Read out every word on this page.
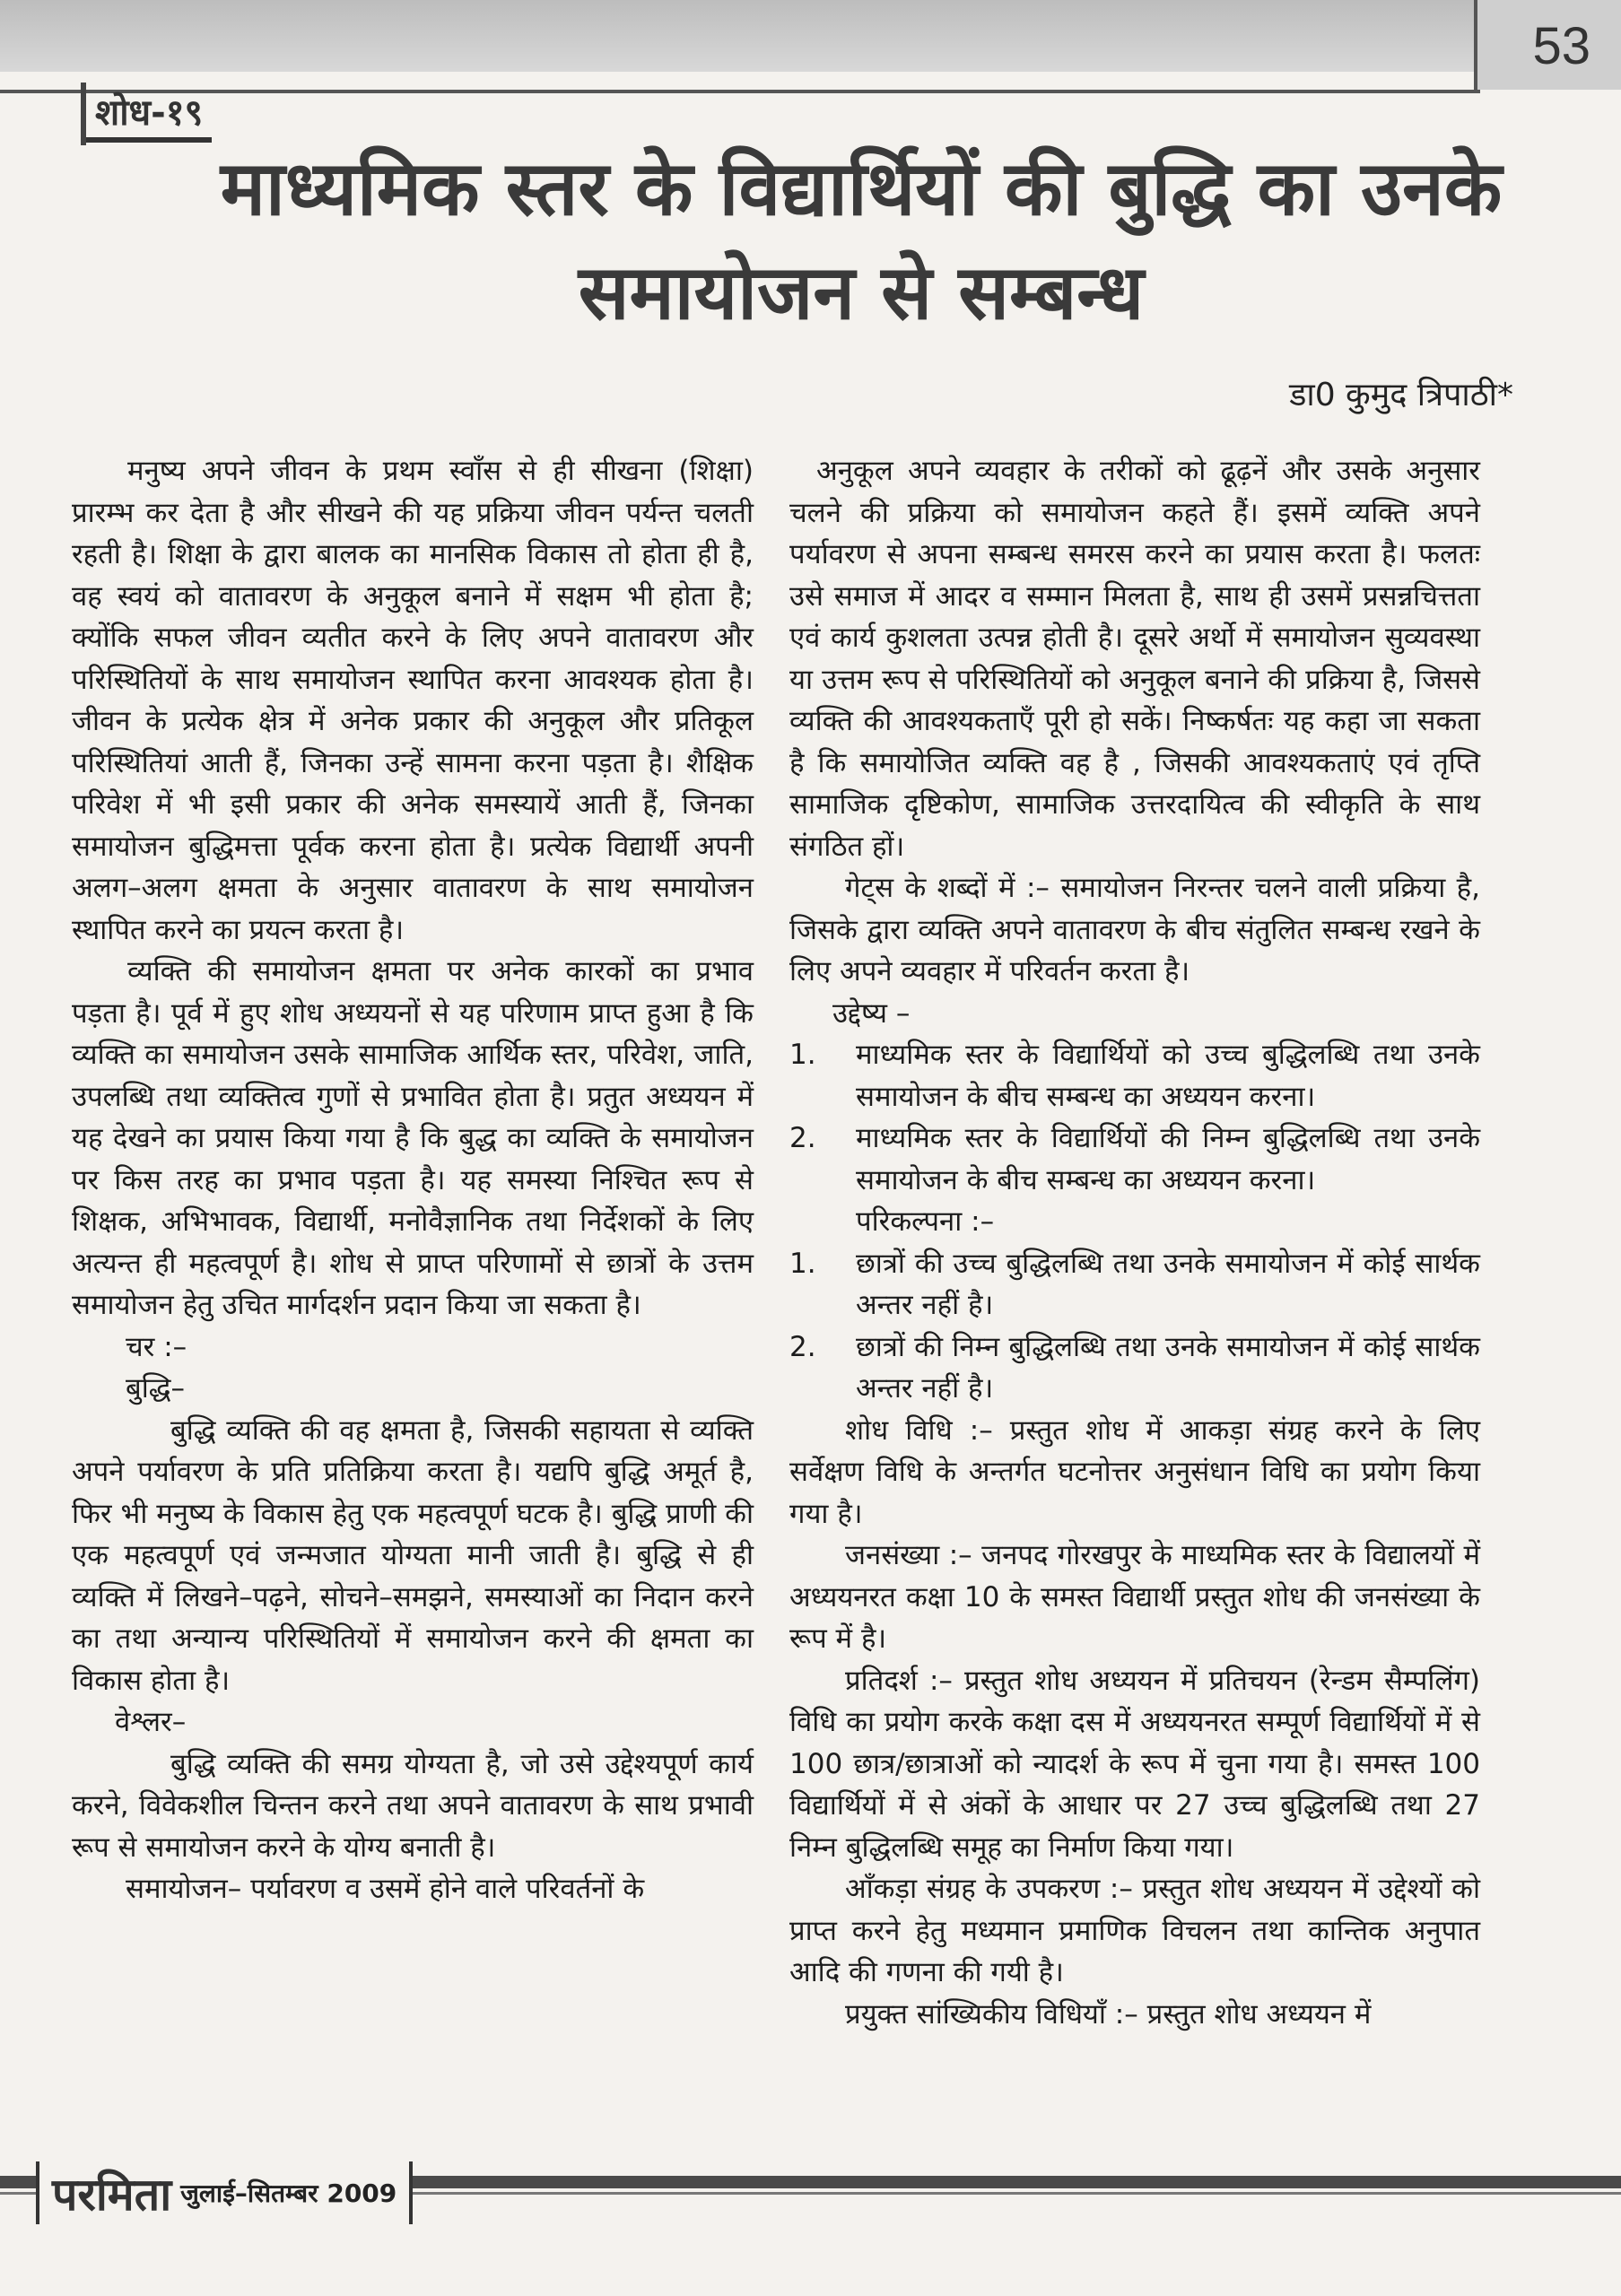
53
शोध-१९
माध्यमिक स्तर के विद्यार्थियों की बुद्धि का उनके समायोजन से सम्बन्ध
डा0 कुमुद त्रिपाठी*

मनुष्य अपने जीवन के प्रथम स्वाँस से ही सीखना (शिक्षा) प्रारम्भ कर देता है और सीखने की यह प्रक्रिया जीवन पर्यन्त चलती रहती है। शिक्षा के द्वारा बालक का मानसिक विकास तो होता ही है, वह स्वयं को वातावरण के अनुकूल बनाने में सक्षम भी होता है; क्योंकि सफल जीवन व्यतीत करने के लिए अपने वातावरण और परिस्थितियों के साथ समायोजन स्थापित करना आवश्यक होता है। जीवन के प्रत्येक क्षेत्र में अनेक प्रकार की अनुकूल और प्रतिकूल परिस्थितियां आती हैं, जिनका उन्हें सामना करना पड़ता है। शैक्षिक परिवेश में भी इसी प्रकार की अनेक समस्यायें आती हैं, जिनका समायोजन बुद्धिमत्ता पूर्वक करना होता है। प्रत्येक विद्यार्थी अपनी अलग–अलग क्षमता के अनुसार वातावरण के साथ समायोजन स्थापित करने का प्रयत्न करता है।

व्यक्ति की समायोजन क्षमता पर अनेक कारकों का प्रभाव पड़ता है। पूर्व में हुए शोध अध्ययनों से यह परिणाम प्राप्त हुआ है कि व्यक्ति का समायोजन उसके सामाजिक आर्थिक स्तर, परिवेश, जाति, उपलब्धि तथा व्यक्तित्व गुणों से प्रभावित होता है। प्रतुत अध्ययन में यह देखने का प्रयास किया गया है कि बुद्ध का व्यक्ति के समायोजन पर किस तरह का प्रभाव पड़ता है। यह समस्या निश्चित रूप से शिक्षक, अभिभावक, विद्यार्थी, मनोवैज्ञानिक तथा निर्देशकों के लिए अत्यन्त ही महत्वपूर्ण है। शोध से प्राप्त परिणामों से छात्रों के उत्तम समायोजन हेतु उचित मार्गदर्शन प्रदान किया जा सकता है।

चर :–

बुद्धि–

बुद्धि व्यक्ति की वह क्षमता है, जिसकी सहायता से व्यक्ति अपने पर्यावरण के प्रति प्रतिक्रिया करता है। यद्यपि बुद्धि अमूर्त है, फिर भी मनुष्य के विकास हेतु एक महत्वपूर्ण घटक है। बुद्धि प्राणी की एक महत्वपूर्ण एवं जन्मजात योग्यता मानी जाती है। बुद्धि से ही व्यक्ति में लिखने–पढ़ने, सोचने–समझने, समस्याओं का निदान करने का तथा अन्यान्य परिस्थितियों में समायोजन करने की क्षमता का विकास होता है।

वेश्लर–

बुद्धि व्यक्ति की समग्र योग्यता है, जो उसे उद्देश्यपूर्ण कार्य करने, विवेकशील चिन्तन करने तथा अपने वातावरण के साथ प्रभावी रूप से समायोजन करने के योग्य बनाती है।

समायोजन– पर्यावरण व उसमें होने वाले परिवर्तनों के

अनुकूल अपने व्यवहार के तरीकों को ढूढ़नें और उसके अनुसार चलने की प्रक्रिया को समायोजन कहते हैं। इसमें व्यक्ति अपने पर्यावरण से अपना सम्बन्ध समरस करने का प्रयास करता है। फलतः उसे समाज में आदर व सम्मान मिलता है, साथ ही उसमें प्रसन्नचित्तता एवं कार्य कुशलता उत्पन्न होती है। दूसरे अर्थो में समायोजन सुव्यवस्था या उत्तम रूप से परिस्थितियों को अनुकूल बनाने की प्रक्रिया है, जिससे व्यक्ति की आवश्यकताएँ पूरी हो सकें। निष्कर्षतः यह कहा जा सकता है कि समायोजित व्यक्ति वह है , जिसकी आवश्यकताएं एवं तृप्ति सामाजिक दृष्टिकोण, सामाजिक उत्तरदायित्व की स्वीकृति के साथ संगठित हों।

गेट्स के शब्दों में :– समायोजन निरन्तर चलने वाली प्रक्रिया है, जिसके द्वारा व्यक्ति अपने वातावरण के बीच संतुलित सम्बन्ध रखने के लिए अपने व्यवहार में परिवर्तन करता है।

उद्देष्य –

1.	माध्यमिक स्तर के विद्यार्थियों को उच्च बुद्धिलब्धि तथा उनके समायोजन के बीच सम्बन्ध का अध्ययन करना।
2.	माध्यमिक स्तर के विद्यार्थियों की निम्न बुद्धिलब्धि तथा उनके समायोजन के बीच सम्बन्ध का अध्ययन करना।

परिकल्पना :–

1.	छात्रों की उच्च बुद्धिलब्धि तथा उनके समायोजन में कोई सार्थक अन्तर नहीं है।
2.	छात्रों की निम्न बुद्धिलब्धि तथा उनके समायोजन में कोई सार्थक अन्तर नहीं है।

शोध विधि :– प्रस्तुत शोध में आकड़ा संग्रह करने के लिए सर्वेक्षण विधि के अन्तर्गत घटनोत्तर अनुसंधान विधि का प्रयोग किया गया है।

जनसंख्या :– जनपद गोरखपुर के माध्यमिक स्तर के विद्यालयों में अध्ययनरत कक्षा 10 के समस्त विद्यार्थी प्रस्तुत शोध की जनसंख्या के रूप में है।

प्रतिदर्श :– प्रस्तुत शोध अध्ययन में प्रतिचयन (रेन्डम सैम्पलिंग) विधि का प्रयोग करके कक्षा दस में अध्ययनरत सम्पूर्ण विद्यार्थियों में से 100 छात्र/छात्राओं को न्यादर्श के रूप में चुना गया है। समस्त 100 विद्यार्थियों में से अंकों के आधार पर 27 उच्च बुद्धिलब्धि तथा 27 निम्न बुद्धिलब्धि समूह का निर्माण किया गया।

आँकड़ा संग्रह के उपकरण :– प्रस्तुत शोध अध्ययन में उद्देश्यों को प्राप्त करने हेतु मध्यमान प्रमाणिक विचलन तथा कान्तिक अनुपात आदि की गणना की गयी है।

प्रयुक्त सांख्यिकीय विधियाँ :– प्रस्तुत शोध अध्ययन में

परमिता जुलाई–सितम्बर 2009
